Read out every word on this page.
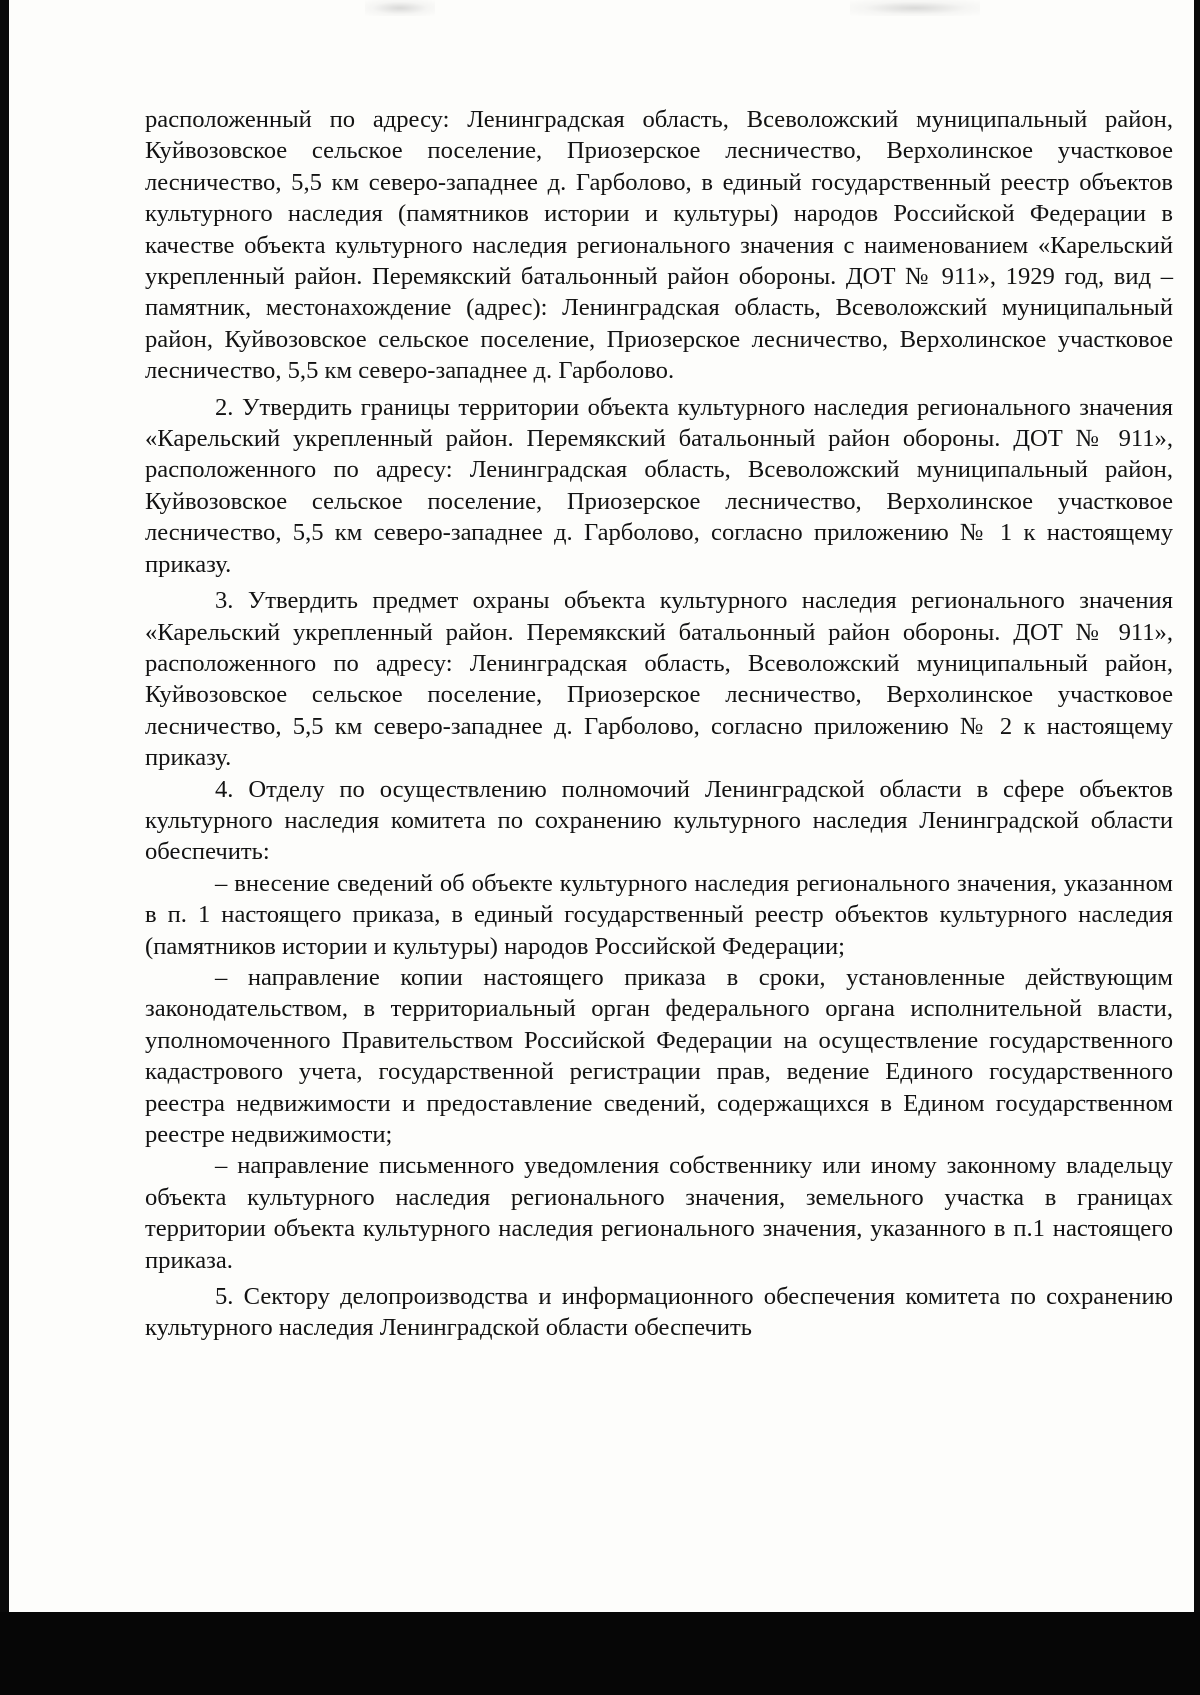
расположенный по адресу: Ленинградская область, Всеволожский муниципальный район, Куйвозовское сельское поселение, Приозерское лесничество, Верхолинское участковое лесничество, 5,5 км северо-западнее д. Гарболово, в единый государственный реестр объектов культурного наследия (памятников истории и культуры) народов Российской Федерации в качестве объекта культурного наследия регионального значения с наименованием «Карельский укрепленный район. Перемякский батальонный район обороны. ДОТ № 911», 1929 год, вид – памятник, местонахождение (адрес): Ленинградская область, Всеволожский муниципальный район, Куйвозовское сельское поселение, Приозерское лесничество, Верхолинское участковое лесничество, 5,5 км северо-западнее д. Гарболово.

2. Утвердить границы территории объекта культурного наследия регионального значения «Карельский укрепленный район. Перемякский батальонный район обороны. ДОТ № 911», расположенного по адресу: Ленинградская область, Всеволожский муниципальный район, Куйвозовское сельское поселение, Приозерское лесничество, Верхолинское участковое лесничество, 5,5 км северо-западнее д. Гарболово, согласно приложению № 1 к настоящему приказу.

3. Утвердить предмет охраны объекта культурного наследия регионального значения «Карельский укрепленный район. Перемякский батальонный район обороны. ДОТ № 911», расположенного по адресу: Ленинградская область, Всеволожский муниципальный район, Куйвозовское сельское поселение, Приозерское лесничество, Верхолинское участковое лесничество, 5,5 км северо-западнее д. Гарболово, согласно приложению № 2 к настоящему приказу.

4. Отделу по осуществлению полномочий Ленинградской области в сфере объектов культурного наследия комитета по сохранению культурного наследия Ленинградской области обеспечить:

– внесение сведений об объекте культурного наследия регионального значения, указанном в п. 1 настоящего приказа, в единый государственный реестр объектов культурного наследия (памятников истории и культуры) народов Российской Федерации;

– направление копии настоящего приказа в сроки, установленные действующим законодательством, в территориальный орган федерального органа исполнительной власти, уполномоченного Правительством Российской Федерации на осуществление государственного кадастрового учета, государственной регистрации прав, ведение Единого государственного реестра недвижимости и предоставление сведений, содержащихся в Едином государственном реестре недвижимости;

– направление письменного уведомления собственнику или иному законному владельцу объекта культурного наследия регионального значения, земельного участка в границах территории объекта культурного наследия регионального значения, указанного в п.1 настоящего приказа.

5. Сектору делопроизводства и информационного обеспечения комитета по сохранению культурного наследия Ленинградской области обеспечить
